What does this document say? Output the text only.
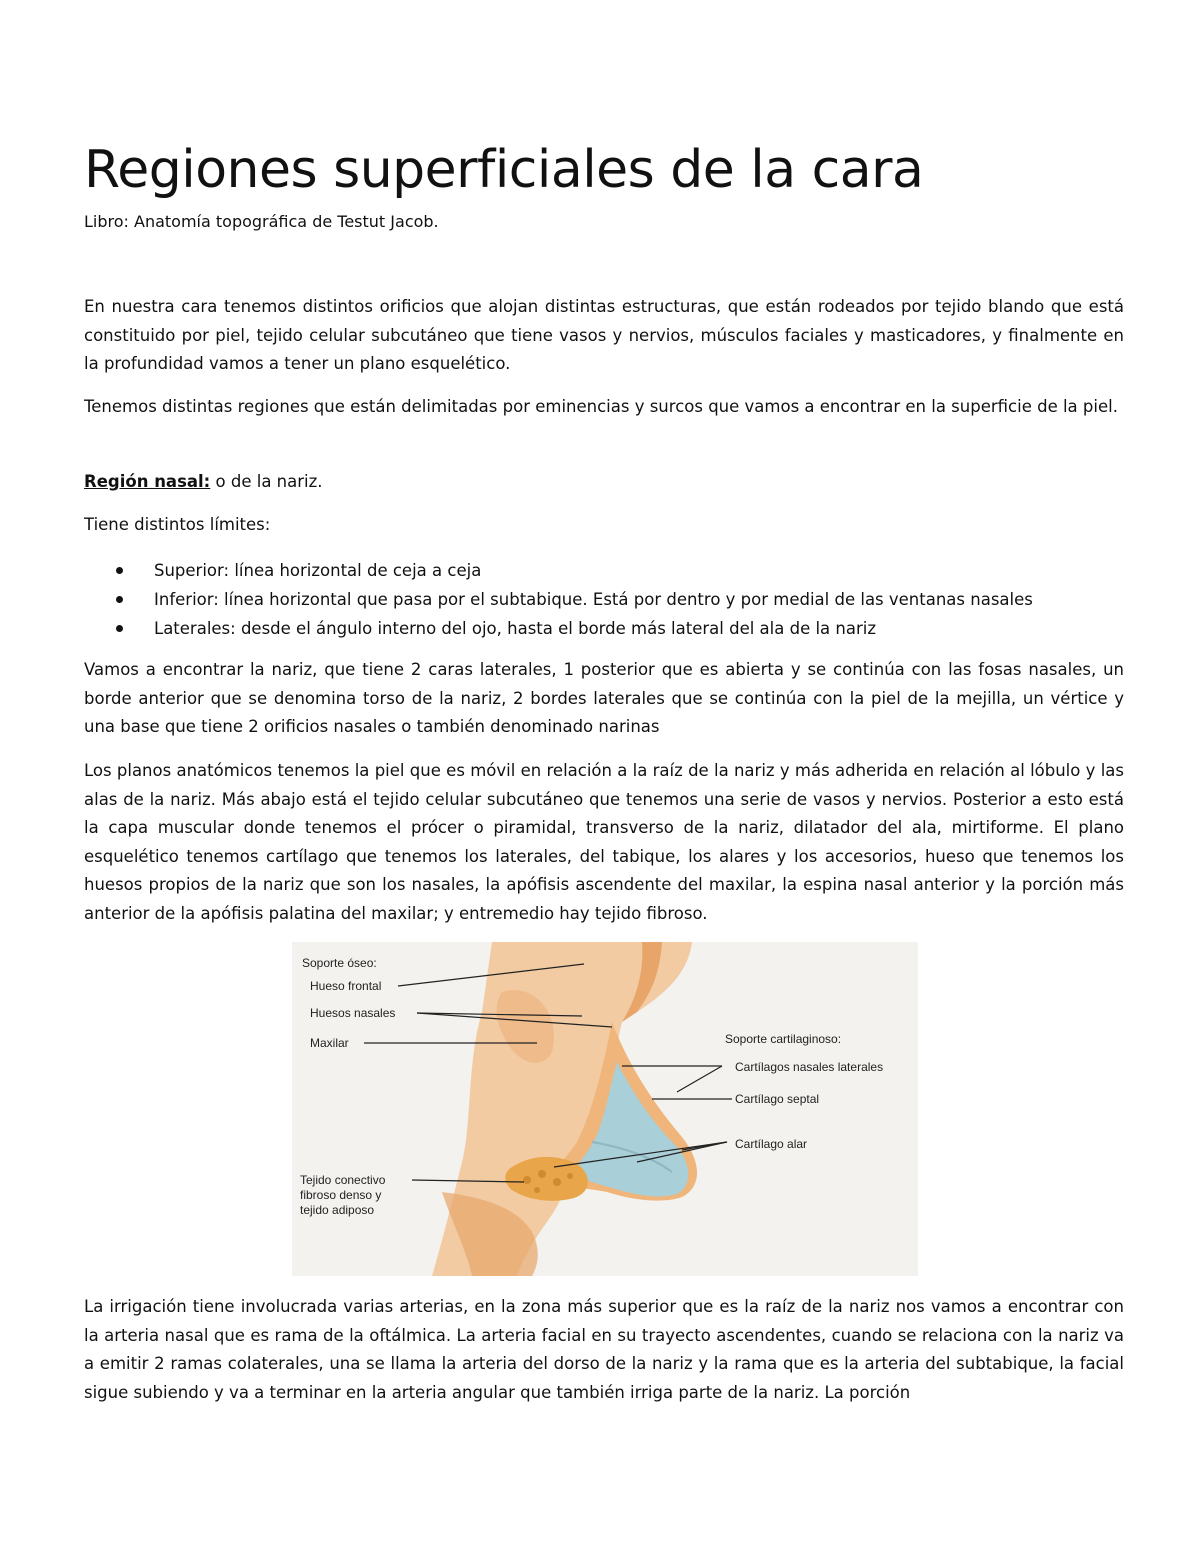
Regiones superficiales de la cara

Libro: Anatomía topográfica de Testut Jacob.

En nuestra cara tenemos distintos orificios que alojan distintas estructuras, que están rodeados por tejido blando que está constituido por piel, tejido celular subcutáneo que tiene vasos y nervios, músculos faciales y masticadores, y finalmente en la profundidad vamos a tener un plano esquelético.

Tenemos distintas regiones que están delimitadas por eminencias y surcos que vamos a encontrar en la superficie de la piel.

Región nasal: o de la nariz.

Tiene distintos límites:

Superior: línea horizontal de ceja a ceja
Inferior: línea horizontal que pasa por el subtabique. Está por dentro y por medial de las ventanas nasales
Laterales: desde el ángulo interno del ojo, hasta el borde más lateral del ala de la nariz

Vamos a encontrar la nariz, que tiene 2 caras laterales, 1 posterior que es abierta y se continúa con las fosas nasales, un borde anterior que se denomina torso de la nariz, 2 bordes laterales que se continúa con la piel de la mejilla, un vértice y una base que tiene 2 orificios nasales o también denominado narinas

Los planos anatómicos tenemos la piel que es móvil en relación a la raíz de la nariz y más adherida en relación al lóbulo y las alas de la nariz. Más abajo está el tejido celular subcutáneo que tenemos una serie de vasos y nervios. Posterior a esto está la capa muscular donde tenemos el prócer o piramidal, transverso de la nariz, dilatador del ala, mirtiforme. El plano esquelético tenemos cartílago que tenemos los laterales, del tabique, los alares y los accesorios, hueso que tenemos los huesos propios de la nariz que son los nasales, la apófisis ascendente del maxilar, la espina nasal anterior y la porción más anterior de la apófisis palatina del maxilar; y entremedio hay tejido fibroso.

Soporte óseo:
Hueso frontal
Huesos nasales
Maxilar
Tejido conectivo
fibroso denso y
tejido adiposo
Soporte cartilaginoso:
Cartílagos nasales laterales
Cartílago septal
Cartílago alar

La irrigación tiene involucrada varias arterias, en la zona más superior que es la raíz de la nariz nos vamos a encontrar con la arteria nasal que es rama de la oftálmica. La arteria facial en su trayecto ascendentes, cuando se relaciona con la nariz va a emitir 2 ramas colaterales, una se llama la arteria del dorso de la nariz y la rama que es la arteria del subtabique, la facial sigue subiendo y va a terminar en la arteria angular que también irriga parte de la nariz. La porción
